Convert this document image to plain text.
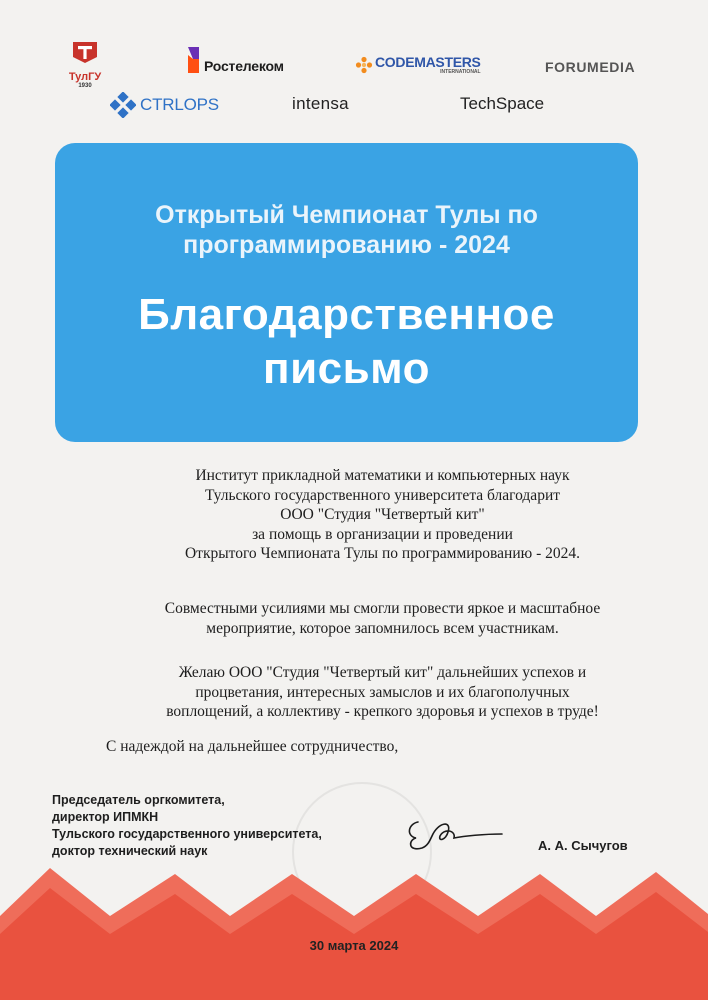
ТулГУ
1930
Ростелеком	CODEMASTERS
INTERNATIONAL	FORUMEDIA
CTRLOPS	intensa	TechSpace
Открытый Чемпионат Тулы по
программированию - 2024
Благодарственное
письмо
Институт прикладной математики и компьютерных наук
Тульского государственного университета благодарит
ООО "Студия "Четвертый кит"
за помощь в организации и проведении
Открытого Чемпионата Тулы по программированию - 2024.
Совместными усилиями мы смогли провести яркое и масштабное
мероприятие, которое запомнилось всем участникам.
Желаю ООО "Студия "Четвертый кит" дальнейших успехов и
процветания, интересных замыслов и их благополучных
воплощений, а коллективу - крепкого здоровья и успехов в труде!
С надеждой на дальнейшее сотрудничество,
Председатель оргкомитета,
директор ИПМКН
Тульского государственного университета,
доктор технический наук	А. А. Сычугов
30 марта 2024
